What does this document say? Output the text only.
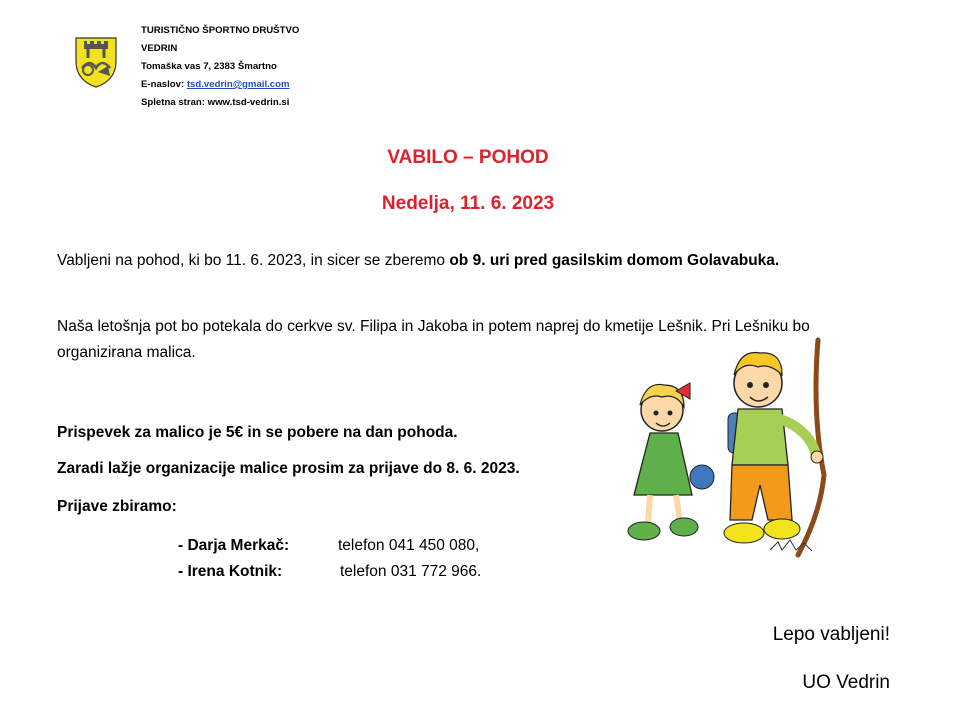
TURISTIČNO ŠPORTNO DRUŠTVO
VEDRIN
Tomaška vas 7, 2383 Šmartno
E-naslov: tsd.vedrin@gmail.com
Spletna stran: www.tsd-vedrin.si
VABILO – POHOD
Nedelja, 11. 6. 2023
Vabljeni na pohod, ki bo 11. 6. 2023, in sicer se zberemo ob 9. uri pred gasilskim domom Golavabuka.
Naša letošnja pot bo potekala do cerkve sv. Filipa in Jakoba in potem naprej do kmetije Lešnik. Pri Lešniku bo organizirana malica.
Prispevek za malico je 5€ in se pobere na dan pohoda.
Zaradi lažje organizacije malice prosim za prijave do 8. 6. 2023.
Prijave zbiramo:
- Darja Merkač:	telefon 041 450 080,
- Irena Kotnik:	telefon 031 772 966.
Lepo vabljeni!
UO Vedrin
